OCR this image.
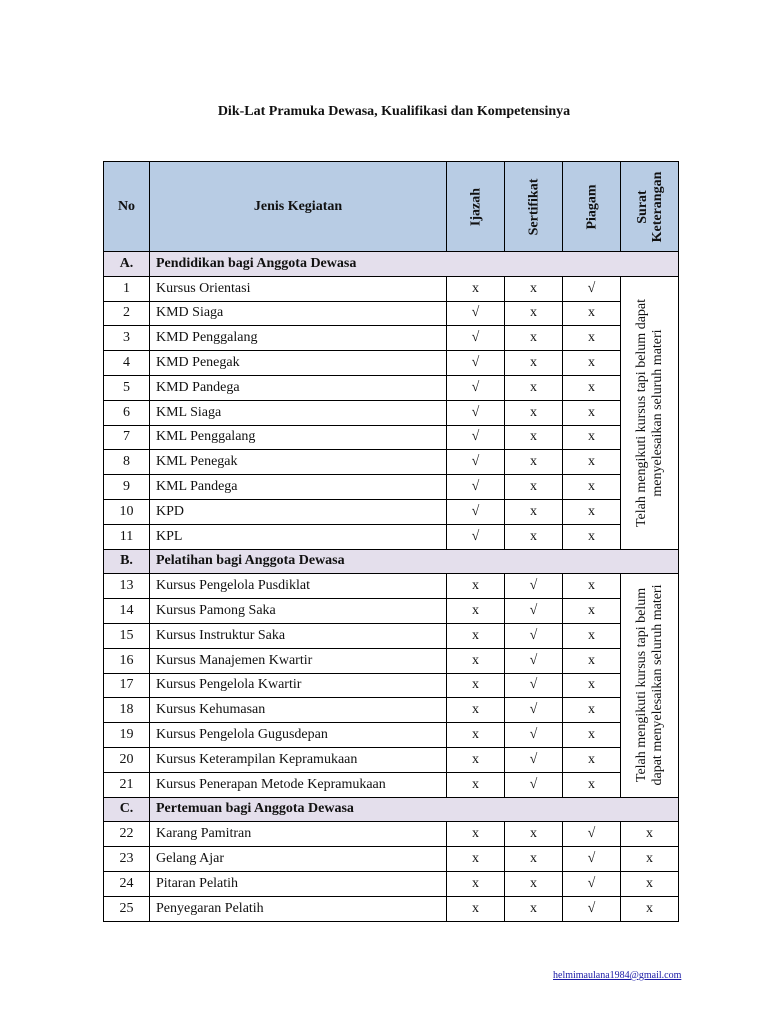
Dik-Lat Pramuka Dewasa, Kualifikasi dan Kompetensinya
No	Jenis Kegiatan	Ijazah	Sertifikat	Piagam	Surat
Keterangan

A.	Pendidikan bagi Anggota Dewasa				
1	Kursus Orientasi	x	x	√	Telah mengikuti kursus tapi belum dapat
menyelesaikan seluruh materi

2	KMD Siaga	√	x	x	
3	KMD Penggalang	√	x	x	
4	KMD Penegak	√	x	x	
5	KMD Pandega	√	x	x	
6	KML Siaga	√	x	x	
7	KML Penggalang	√	x	x	
8	KML Penegak	√	x	x	
9	KML Pandega	√	x	x	
10	KPD	√	x	x	
11	KPL	√	x	x	
B.	Pelatihan bagi Anggota Dewasa				
13	Kursus Pengelola Pusdiklat	x	√	x	Telah mengikuti kursus tapi belum
dapat menyelesaikan seluruh materi

14	Kursus Pamong Saka	x	√	x	
15	Kursus Instruktur Saka	x	√	x	
16	Kursus Manajemen Kwartir	x	√	x	
17	Kursus Pengelola Kwartir	x	√	x	
18	Kursus Kehumasan	x	√	x	
19	Kursus Pengelola Gugusdepan	x	√	x	
20	Kursus Keterampilan Kepramukaan	x	√	x	
21	Kursus Penerapan Metode Kepramukaan	x	√	x	
C.	Pertemuan bagi Anggota Dewasa				
22	Karang Pamitran	x	x	√	x
23	Gelang Ajar	x	x	√	x
24	Pitaran Pelatih	x	x	√	x
25	Penyegaran Pelatih	x	x	√	x
helmimaulana1984@gmail.com
